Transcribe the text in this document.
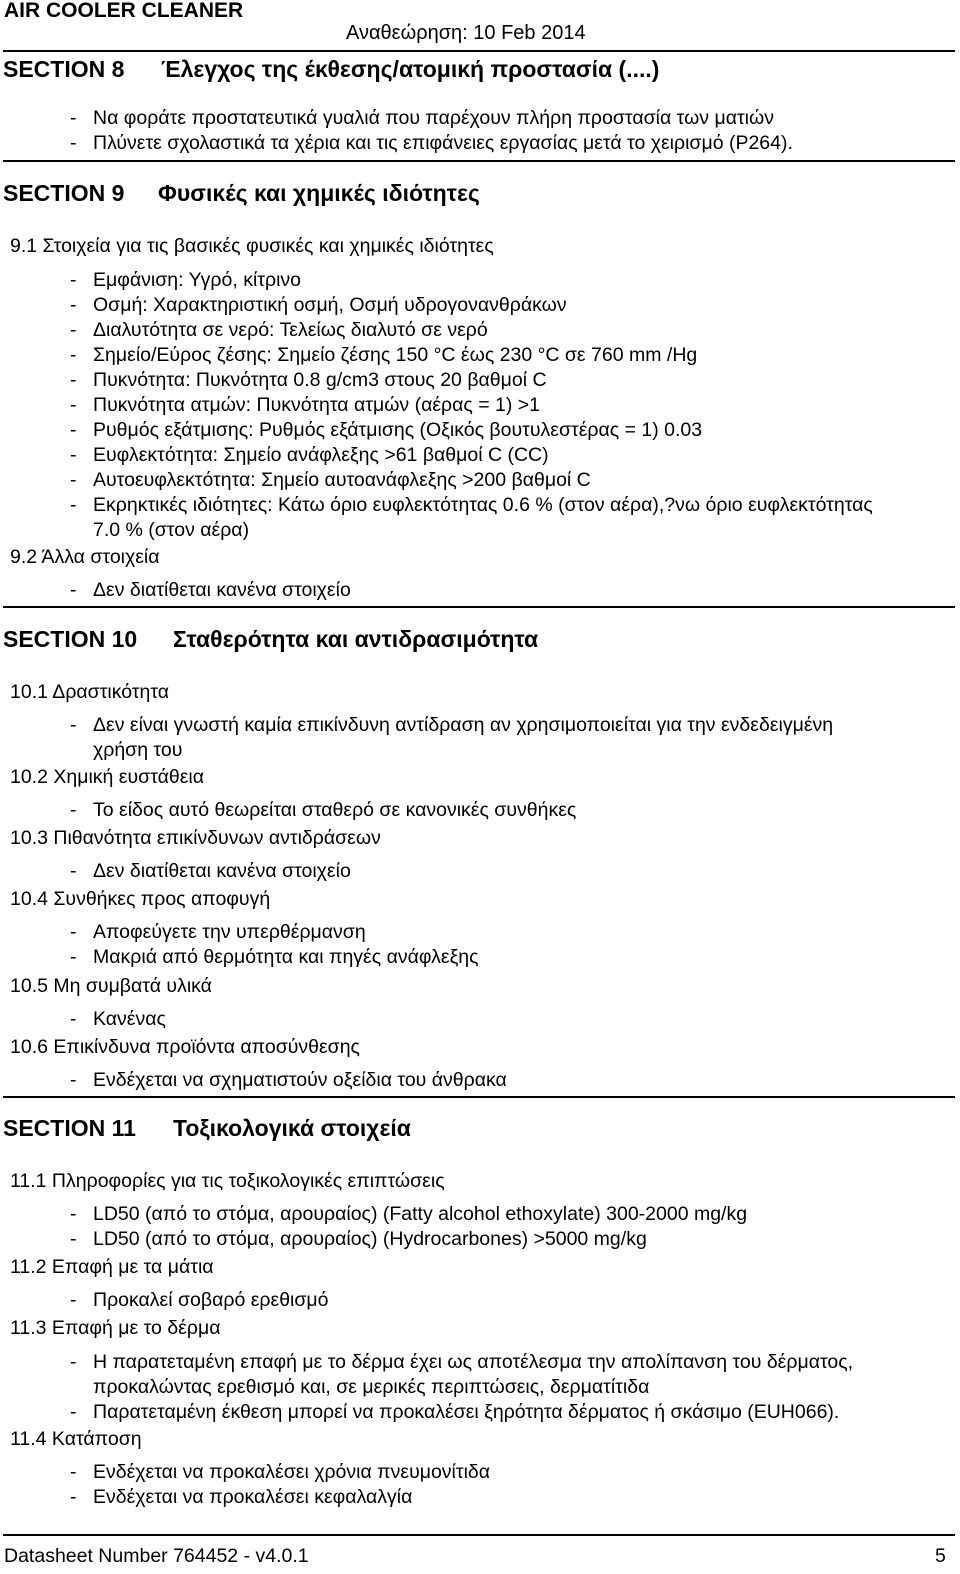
AIR COOLER CLEANER
Αναθεώρηση: 10 Feb 2014
SECTION 8 Έλεγχος της έκθεσης/ατομική προστασία (....)
- Να φοράτε προστατευτικά γυαλιά που παρέχουν πλήρη προστασία των ματιών
- Πλύνετε σχολαστικά τα χέρια και τις επιφάνειες εργασίας μετά το χειρισμό (P264).
SECTION 9 Φυσικές και χημικές ιδιότητες
9.1 Στοιχεία για τις βασικές φυσικές και χημικές ιδιότητες
- Εμφάνιση: Υγρό, κίτρινο
- Οσμή: Χαρακτηριστική οσμή, Οσμή υδρογονανθράκων
- Διαλυτότητα σε νερό: Τελείως διαλυτό σε νερό
- Σημείο/Εύρος ζέσης: Σημείο ζέσης 150 °C έως 230 °C σε 760 mm /Hg
- Πυκνότητα: Πυκνότητα 0.8 g/cm3 στους 20 βαθμοί C
- Πυκνότητα ατμών: Πυκνότητα ατμών (αέρας = 1) >1
- Ρυθμός εξάτμισης: Ρυθμός εξάτμισης (Οξικός βουτυλεστέρας = 1) 0.03
- Ευφλεκτότητα: Σημείο ανάφλεξης >61 βαθμοί C (CC)
- Αυτοευφλεκτότητα: Σημείο αυτοανάφλεξης >200 βαθμοί C
- Εκρηκτικές ιδιότητες: Κάτω όριο ευφλεκτότητας 0.6 % (στον αέρα),?νω όριο ευφλεκτότητας
7.0 % (στον αέρα)
9.2 Άλλα στοιχεία
- Δεν διατίθεται κανένα στοιχείο
SECTION 10 Σταθερότητα και αντιδρασιμότητα
10.1 Δραστικότητα
- Δεν είναι γνωστή καμία επικίνδυνη αντίδραση αν χρησιμοποιείται για την ενδεδειγμένη
χρήση του
10.2 Χημική ευστάθεια
- Το είδος αυτό θεωρείται σταθερό σε κανονικές συνθήκες
10.3 Πιθανότητα επικίνδυνων αντιδράσεων
- Δεν διατίθεται κανένα στοιχείο
10.4 Συνθήκες προς αποφυγή
- Αποφεύγετε την υπερθέρμανση
- Μακριά από θερμότητα και πηγές ανάφλεξης
10.5 Μη συμβατά υλικά
- Κανένας
10.6 Επικίνδυνα προϊόντα αποσύνθεσης
- Ενδέχεται να σχηματιστούν οξείδια του άνθρακα
SECTION 11 Τοξικολογικά στοιχεία
11.1 Πληροφορίες για τις τοξικολογικές επιπτώσεις
- LD50 (από το στόμα, αρουραίος) (Fatty alcohol ethoxylate) 300-2000 mg/kg
- LD50 (από το στόμα, αρουραίος) (Hydrocarbones) >5000 mg/kg
11.2 Επαφή με τα μάτια
- Προκαλεί σοβαρό ερεθισμό
11.3 Επαφή με το δέρμα
- Η παρατεταμένη επαφή με το δέρμα έχει ως αποτέλεσμα την απολίπανση του δέρματος,
προκαλώντας ερεθισμό και, σε μερικές περιπτώσεις, δερματίτιδα
- Παρατεταμένη έκθεση μπορεί να προκαλέσει ξηρότητα δέρματος ή σκάσιμο (EUH066).
11.4 Κατάποση
- Ενδέχεται να προκαλέσει χρόνια πνευμονίτιδα
- Ενδέχεται να προκαλέσει κεφαλαλγία
Datasheet Number 764452 - v4.0.1	5
